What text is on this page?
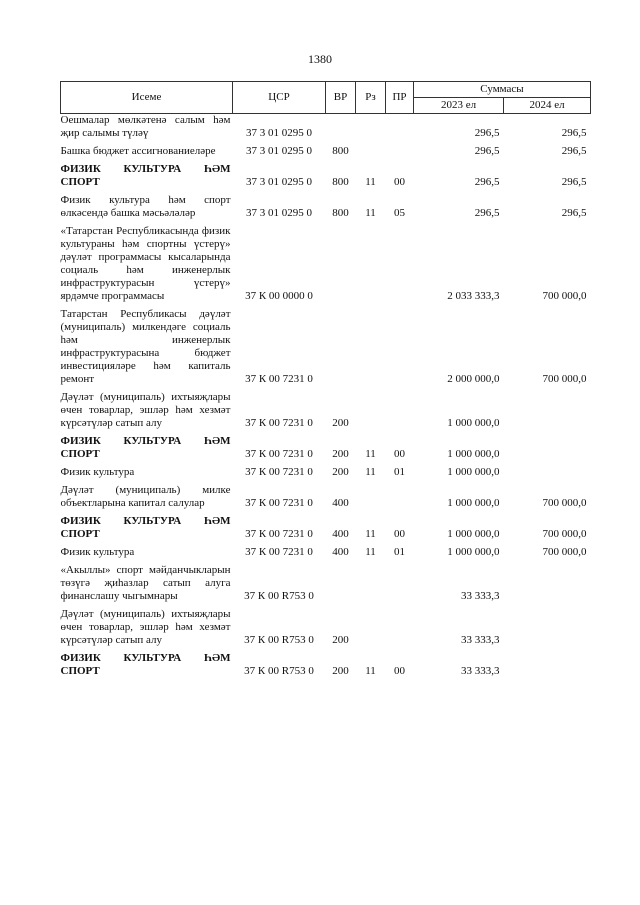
1380
Исеме	ЦСР	ВР	Рз	ПР	Суммасы	
					2023 ел	2024 ел
Оешмалар мөлкәтенә салым һәм җир салымы түләү	37 3 01 0295 0				296,5	296,5
Башка бюджет ассигнованиеләре	37 3 01 0295 0	800			296,5	296,5
ФИЗИК КУЛЬТУРА ҺӘМ СПОРТ	37 3 01 0295 0	800	11	00	296,5	296,5
Физик культура һәм спорт өлкәсендә башка мәсьәләләр	37 3 01 0295 0	800	11	05	296,5	296,5
«Татарстан Республикасында физик культураны һәм спортны үстерү» дәүләт программасы кысаларында социаль һәм инженерлык инфраструктурасын үстерү» ярдәмче программасы	37 К 00 0000 0				2 033 333,3	700 000,0
Татарстан Республикасы дәүләт (муниципаль) милкендәге социаль һәм инженерлык инфраструктурасына бюджет инвестицияләре һәм капиталь ремонт	37 К 00 7231 0				2 000 000,0	700 000,0
Дәүләт (муниципаль) ихтыяҗлары өчен товарлар, эшләр һәм хезмәт күрсәтүләр сатып алу	37 К 00 7231 0	200			1 000 000,0	
ФИЗИК КУЛЬТУРА ҺӘМ СПОРТ	37 К 00 7231 0	200	11	00	1 000 000,0	
Физик культура	37 К 00 7231 0	200	11	01	1 000 000,0	
Дәүләт (муниципаль) милке объектларына капитал салулар	37 К 00 7231 0	400			1 000 000,0	700 000,0
ФИЗИК КУЛЬТУРА ҺӘМ СПОРТ	37 К 00 7231 0	400	11	00	1 000 000,0	700 000,0
Физик культура	37 К 00 7231 0	400	11	01	1 000 000,0	700 000,0
«Акыллы» спорт мәйданчыкларын төзүгә җиһазлар сатып алуга финанслашу чыгымнары	37 К 00 R753 0				33 333,3	
Дәүләт (муниципаль) ихтыяҗлары өчен товарлар, эшләр һәм хезмәт күрсәтүләр сатып алу	37 К 00 R753 0	200			33 333,3	
ФИЗИК КУЛЬТУРА ҺӘМ СПОРТ	37 К 00 R753 0	200	11	00	33 333,3	
